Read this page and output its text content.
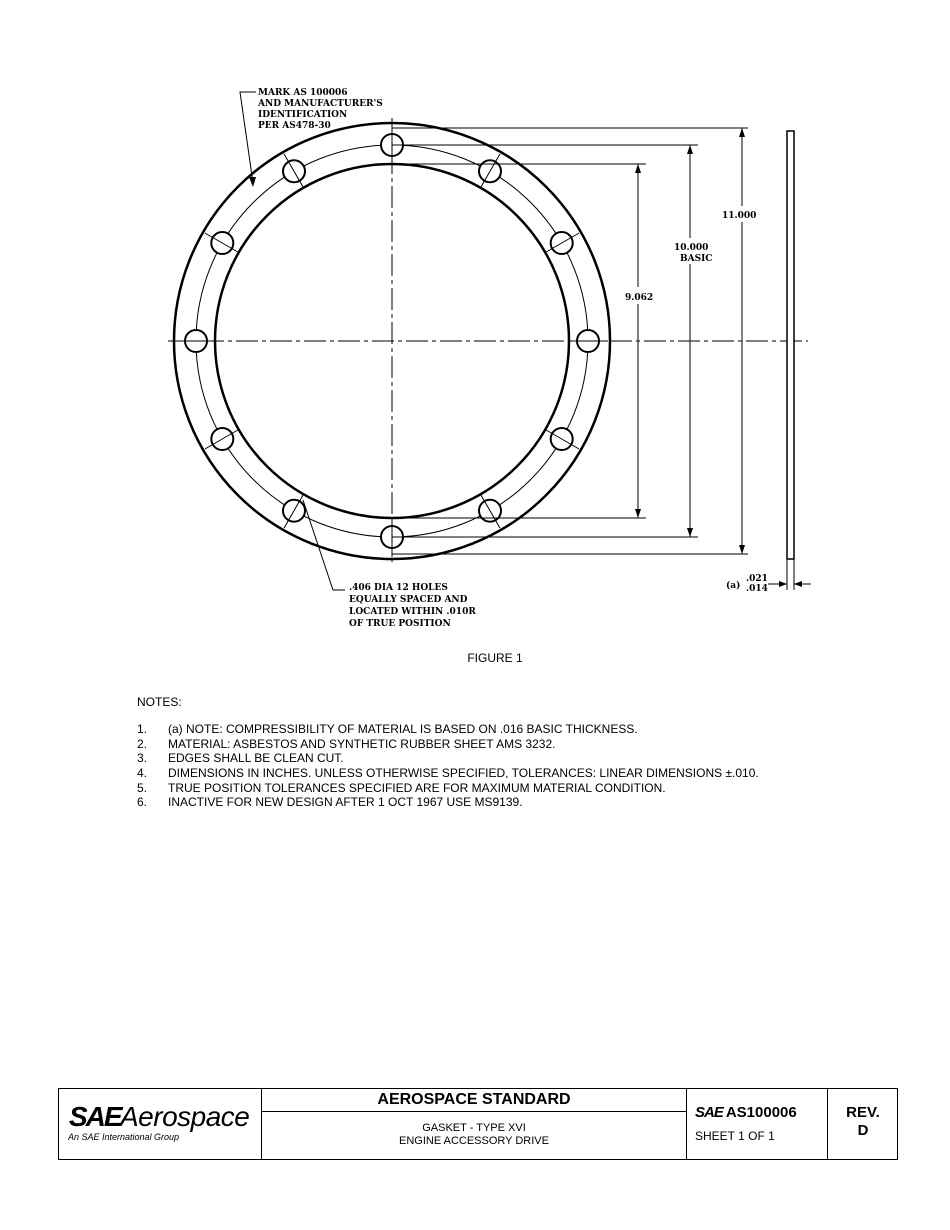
11.000
10.000
BASIC
9.062
(a)
.021
.014
MARK AS 100006
AND MANUFACTURER'S
IDENTIFICATION
PER AS478-30
.406 DIA 12 HOLES
EQUALLY SPACED AND
LOCATED WITHIN .010R
OF TRUE POSITION
FIGURE 1
NOTES:
1. (a) NOTE: COMPRESSIBILITY OF MATERIAL IS BASED ON .016 BASIC THICKNESS.
2. MATERIAL: ASBESTOS AND SYNTHETIC RUBBER SHEET AMS 3232.
3. EDGES SHALL BE CLEAN CUT.
4. DIMENSIONS IN INCHES. UNLESS OTHERWISE SPECIFIED, TOLERANCES: LINEAR DIMENSIONS ±.010.
5. TRUE POSITION TOLERANCES SPECIFIED ARE FOR MAXIMUM MATERIAL CONDITION.
6. INACTIVE FOR NEW DESIGN AFTER 1 OCT 1967 USE MS9139.
SAE Aerospace
An SAE International Group
AEROSPACE STANDARD
GASKET - TYPE XVI
ENGINE ACCESSORY DRIVE
SAE AS100006
SHEET 1 OF 1
REV.
D
